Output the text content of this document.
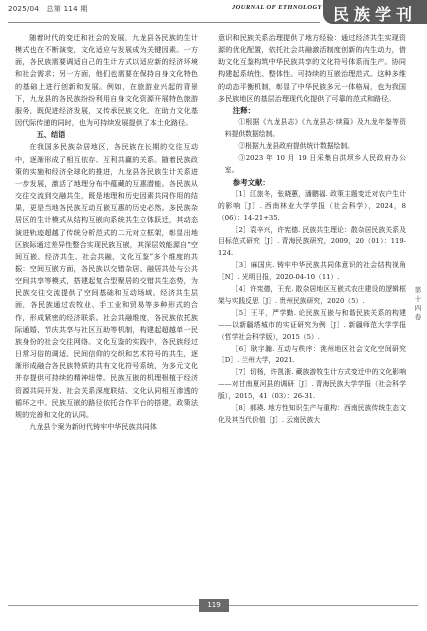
2025/04　总第 114 期	JOURNAL OF ETHNOLOGY 民族学刊

随着时代的变迁和社会的发展，九龙县各民族的生计模式也在不断演变，文化适应与发展成为关键因素。一方面，各民族需要调适自己的生计方式以适应新的经济环境和社会需求；另一方面，他们也需要在保持自身文化特色的基础上进行创新和发展。例如，在旅游业兴起的背景下，九龙县的各民族纷纷利用自身文化资源开展特色旅游服务，既促进经济发展，又传承民族文化，在助力文化基因代际传递的同时，也为可持续发展提供了本土化路径。

五、结语

在我国多民族杂居地区，各民族在长期的交往互动中，逐渐形成了相互依存、互利共赢的关系。随着民族政策的实施和经济全球化的推进，九龙县各民族生计关系进一步发展，激活了地理分布中蕴藏的互惠潜能。各民族从交往交流到交融共生，既是地理和历史因素共同作用的结果，更是当地各民族互动互嵌互惠的历史必然。多民族杂居区的生计模式从结构互嵌向系统共生立体跃迁，其动态演进轨迹超越了传统分析范式的二元对立框架，彰显出地区族际通过差异性整合实现民族互嵌，其深层效能源自“空间互嵌、经济共生、社会共融、文化互鉴”多个维度的共振：空间互嵌方面，各民族以交错杂居、融居共处与公共空间共享等模式，搭建起复合型聚居的交错共生态势，为民族交往交流提供了空间基础和互动场域。经济共生层面，各民族通过农牧业、手工业和贸易等多种形式的合作，形成紧密的经济联系。社会共融维度，各民族依托族际通婚、节庆共享与社区互助等机制，构建起超越单一民族身份的社会交往网络。文化互鉴的实践中，各民族经过日常习俗的调适、民间信仰的交织和艺术符号的共生，逐渐形成融合各民族特质的共有文化符号系统，为多元文化并存提供可持续的精神纽带。民族互嵌的机理根植于经济资源共同开发、社会关系深度联结、文化认同相互渗透的循环之中。民族互嵌的路径依托合作平台的搭建，政策法规的完善和文化的认同。

九龙县个案为新时代铸牢中华民族共同体

意识和民族关系治理提供了地方经验：通过经济共生实现资源的优化配置，依托社会共融激活制度创新的内生动力，借助文化互鉴构筑中华民族共享的文化符号体系而生产。协同构建起系统性、整体性、可持续的互嵌治理范式。这种多维的动态平衡机制，彰显了中华民族多元一体格局，也为我国多民族地区的基层治理现代化提供了可靠的范式和路径。

注释：

①根据《九龙县志》《九龙县志·续篇》及九龙年鉴等资料提供数据绘制。

②根据九龙县政府提供统计数据绘制。

③2023 年 10 月 19 日采集自洪坝乡人民政府办公室。

参考文献：

［1］江旅冬，张晓蕙，潘鹏福. 政策主题变迁对农户生计的影响［J］. 西南林业大学学报（社会科学），2024，8（06）：14-21+35.

［2］袁辛兴，许宪德. 民族共生理论：散杂居民族关系及目标范式研究［J］. 青海民族研究，2009，20（01）：119-124.

［3］麻国庆. 铸牢中华民族共同体意识的社会结构视角［N］. 光明日报，2020-04-10（11）.

［4］许宪德，王充. 散杂居地区互嵌式农庄建设的逻辑框架与实践反思［J］. 贵州民族研究，2020（5）.

［5］王平，严学勤. 论民族互嵌与和谐民族关系的构建——以新疆塔城市的实证研究为例［J］. 新疆师范大学学报（哲学社会科学版），2015（5）.

［6］耿宇瀚. 互动与秩序：洮州地区社会文化空间研究［D］. 兰州大学，2021.

［7］切杨，许凯浙. 藏族游牧生计方式变迁中的文化影响——对甘南夏河县的调研［J］. 青海民族大学学报（社会科学版），2015，41（03）：26-31.

［8］郝瑛. 地方性知识生产与重构：西南民族传统生态文化及其当代价值［J］. 云南民族大

第
十
四
卷
119
